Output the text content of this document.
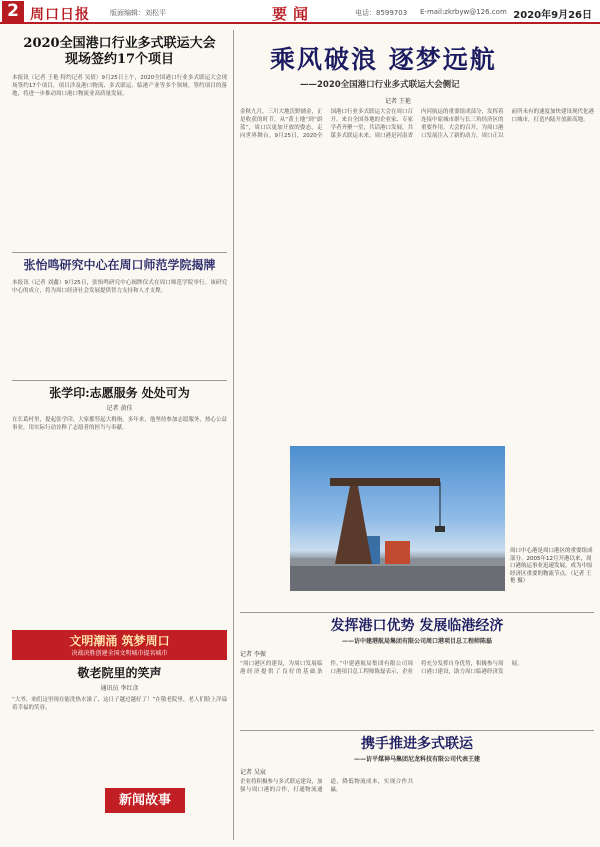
2 周口日报	版面编辑：刘松平	要闻	电话：8599703 E-mail:zkrbyw@126.com 2020年9月26日
2020全国港口行业多式联运大会
现场签约17个项目
本报讯（记者 王艳 特约记者 吴倩）9月25日上午，2020全国港口行业多式联运大会现场签约17个项目，项目涉及港口物流、多式联运、临港产业等多个领域。签约项目的落地，将进一步推动周口港口物流业高质量发展。
张怡鸣研究中心在周口师范学院揭牌
本报讯（记者 刘鑫）9月25日，张怡鸣研究中心揭牌仪式在周口师范学院举行。该研究中心的成立，将为周口经济社会发展提供智力支持和人才支撑。
张学印:志愿服务 处处可为
记者 黄佳
在长葛村里，提起张学印，大家都竖起大拇指。多年来，他坚持参加志愿服务，热心公益事业，用实际行动诠释了志愿者的担当与奉献。
文明潮涌 筑梦周口
决战决胜创建全国文明城市提名城市
敬老院里的笑声
通讯员 李红彦
“大爷，咱们这里现在能洗热水澡了，这日子越过越好了！”在敬老院里，老人们脸上洋溢着幸福的笑容。
新闻故事
乘风破浪 逐梦远航
——2020全国港口行业多式联运大会侧记
记者 王艳
金秋九月，三川大地沃野铺金，正是收获的时节。从“黄土地”到“蔚蓝”，周口以更加开放的姿态，走向世界舞台。9月25日，2020全国港口行业多式联运大会在周口召开。来自全国各地的企业家、专家学者齐聚一堂，共话港口发展，共谋多式联运未来。周口港是河南省内河航运的重要组成部分，发挥着连接中原城市群与长三角经济区的重要作用。大会的召开，为周口港口发展注入了新的动力，周口正以前所未有的速度加快建设现代化港口城市，打造内陆开放新高地。
周口中心港是周口港区的重要组成部分。2005年12月开港以来，周口港航运事业迅速发展，成为中原经济区重要的物流节点。（记者 王艳 摄）
发挥港口优势 发展临港经济
——访中建港航局集团有限公司周口港项目总工程师陈磊
记者 李振
“周口港区的建设，为周口发展临港经济提供了良好的基础条件。”中建港航局集团有限公司周口港项目总工程师陈磊表示，企业将充分发挥自身优势，积极参与周口港口建设，助力周口临港经济发展。
携手推进多式联运
——访平煤神马集团尼龙科技有限公司代表王建
记者 吴宸
企业将积极参与多式联运建设，加强与周口港的合作，打通物流通道，降低物流成本，实现合作共赢。
